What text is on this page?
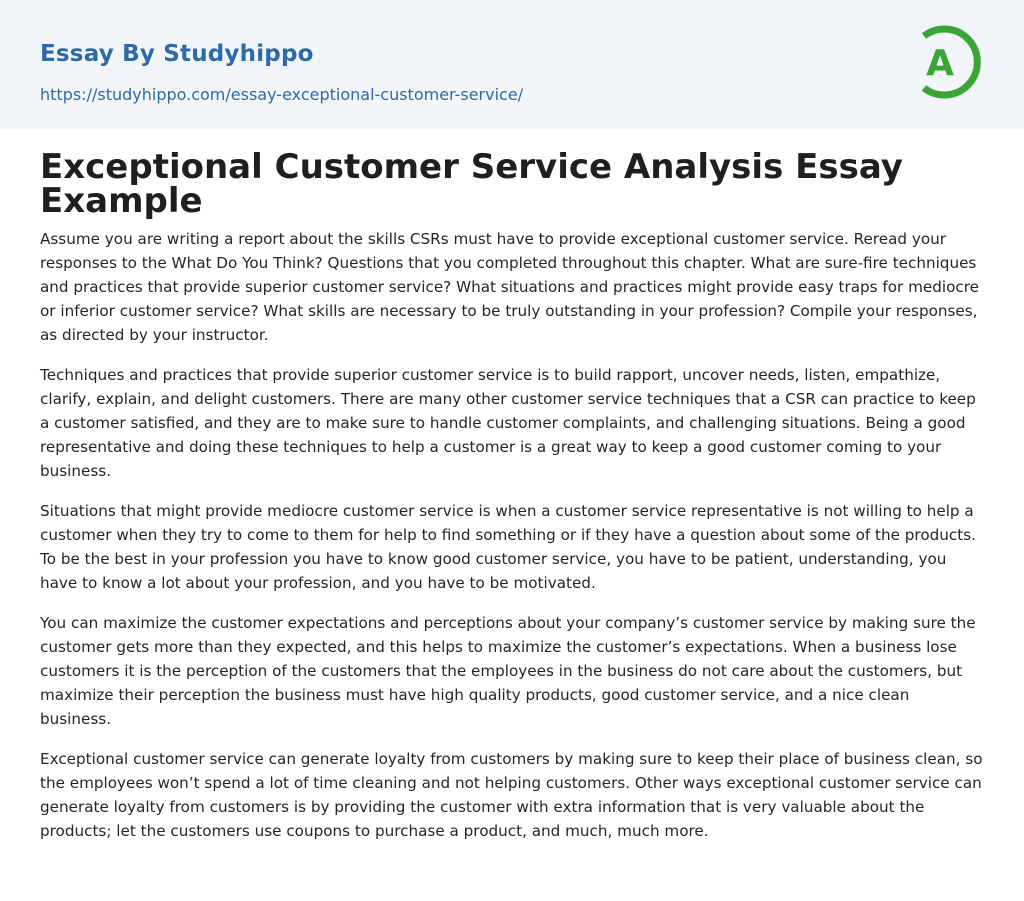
Essay By Studyhippo
https://studyhippo.com/essay-exceptional-customer-service/
A
Exceptional Customer Service Analysis Essay Example

Assume you are writing a report about the skills CSRs must have to provide exceptional customer service. Reread your responses to the What Do You Think? Questions that you completed throughout this chapter. What are sure-fire techniques and practices that provide superior customer service? What situations and practices might provide easy traps for mediocre or inferior customer service? What skills are necessary to be truly outstanding in your profession? Compile your responses, as directed by your instructor.

Techniques and practices that provide superior customer service is to build rapport, uncover needs, listen, empathize, clarify, explain, and delight customers. There are many other customer service techniques that a CSR can practice to keep a customer satisfied, and they are to make sure to handle customer complaints, and challenging situations. Being a good representative and doing these techniques to help a customer is a great way to keep a good customer coming to your business.

Situations that might provide mediocre customer service is when a customer service representative is not willing to help a customer when they try to come to them for help to find something or if they have a question about some of the products. To be the best in your profession you have to know good customer service, you have to be patient, understanding, you have to know a lot about your profession, and you have to be motivated.

You can maximize the customer expectations and perceptions about your company’s customer service by making sure the customer gets more than they expected, and this helps to maximize the customer’s expectations. When a business lose customers it is the perception of the customers that the employees in the business do not care about the customers, but maximize their perception the business must have high quality products, good customer service, and a nice clean business.

Exceptional customer service can generate loyalty from customers by making sure to keep their place of business clean, so the employees won’t spend a lot of time cleaning and not helping customers. Other ways exceptional customer service can generate loyalty from customers is by providing the customer with extra information that is very valuable about the products; let the customers use coupons to purchase a product, and much, much more.
